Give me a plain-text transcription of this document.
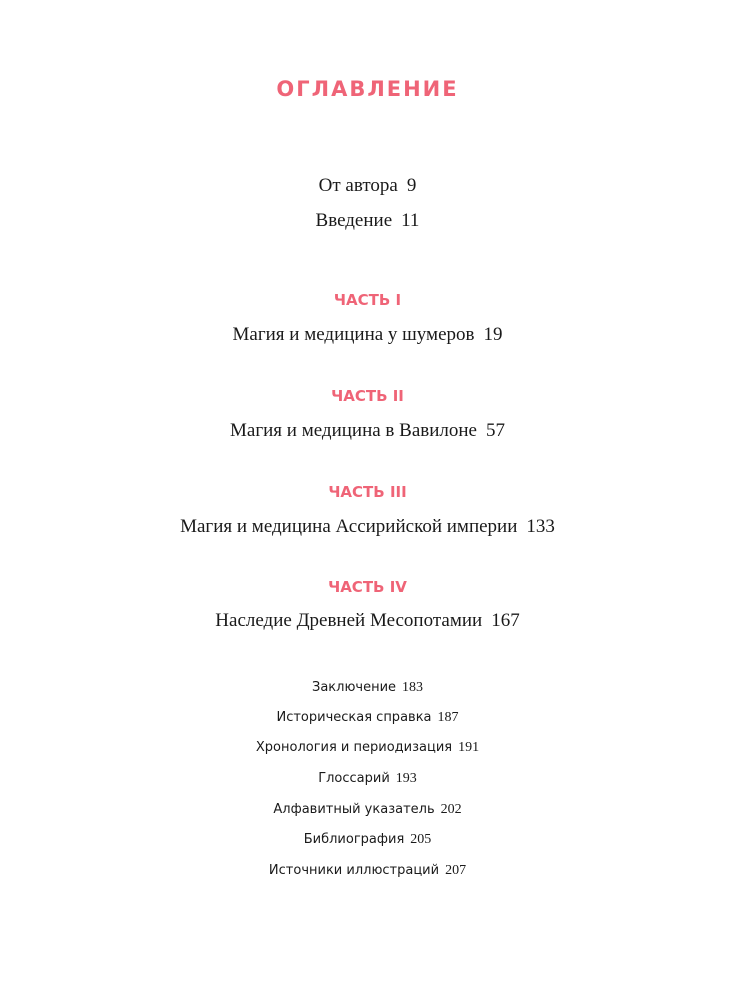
ОГЛАВЛЕНИЕ
От автора 9
Введение 11
ЧАСТЬ I
Магия и медицина у шумеров 19
ЧАСТЬ II
Магия и медицина в Вавилоне 57
ЧАСТЬ III
Магия и медицина Ассирийской империи 133
ЧАСТЬ IV
Наследие Древней Месопотамии 167
Заключение 183
Историческая справка 187
Хронология и периодизация 191
Глоссарий 193
Алфавитный указатель 202
Библиография 205
Источники иллюстраций 207
